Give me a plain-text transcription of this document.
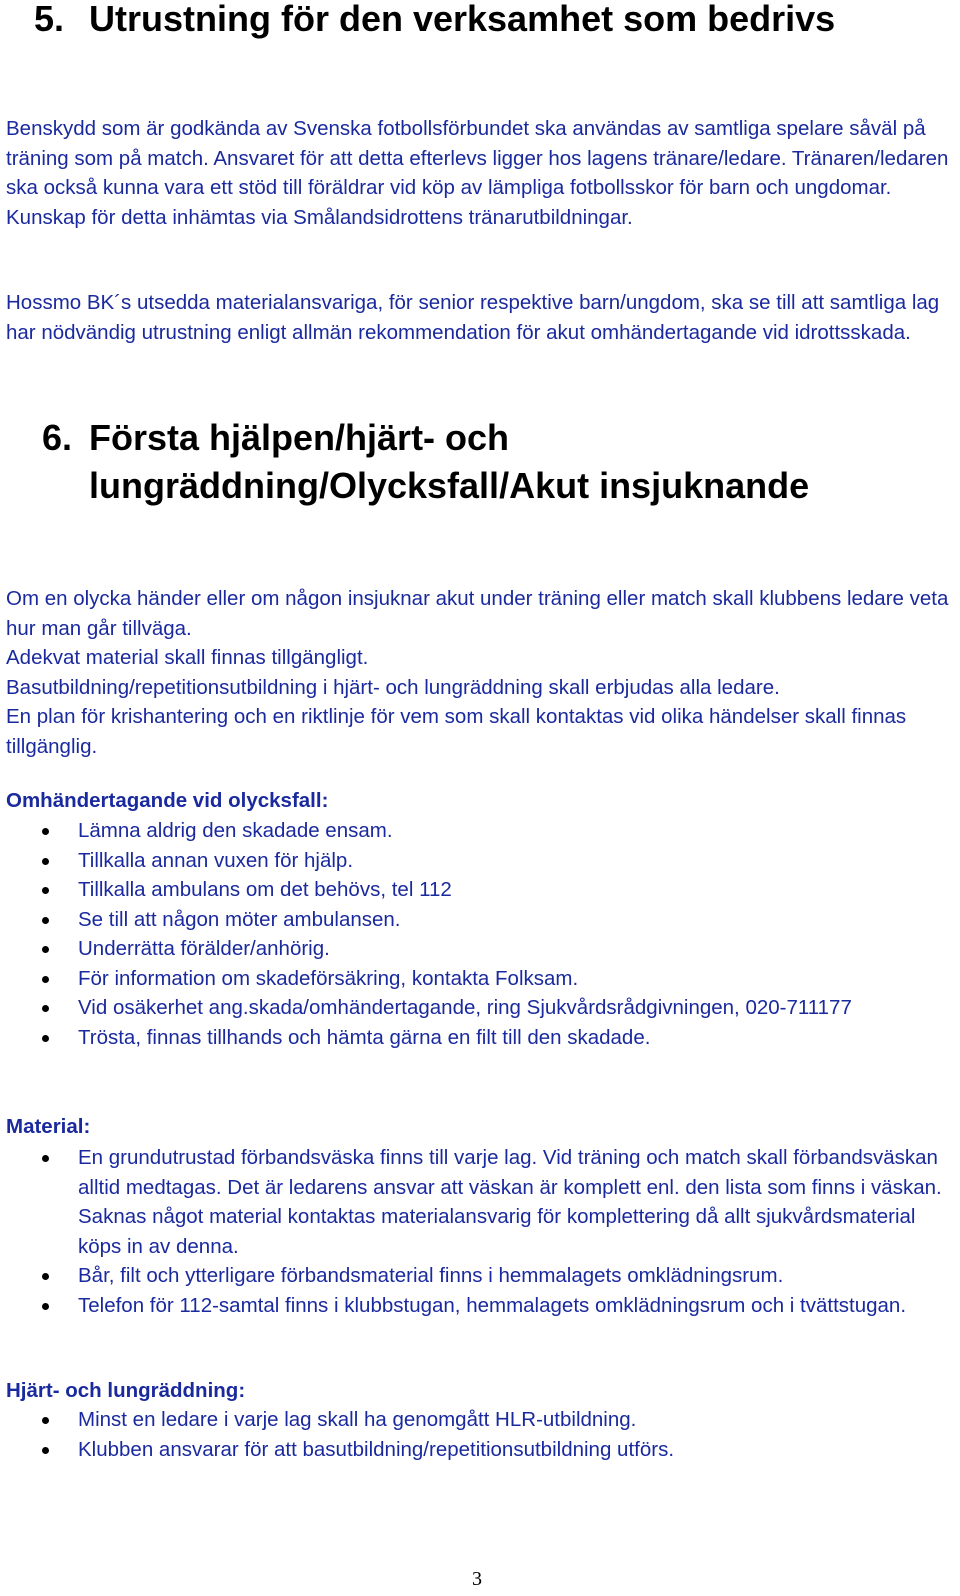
5. Utrustning för den verksamhet som bedrivs

Benskydd som är godkända av Svenska fotbollsförbundet ska användas av samtliga spelare såväl på träning som på match. Ansvaret för att detta efterlevs ligger hos lagens tränare/ledare. Tränaren/ledaren ska också kunna vara ett stöd till föräldrar vid köp av lämpliga fotbollsskor för barn och ungdomar. Kunskap för detta inhämtas via Smålandsidrottens tränarutbildningar.

Hossmo BK´s utsedda materialansvariga, för senior respektive barn/ungdom, ska se till att samtliga lag har nödvändig utrustning enligt allmän rekommendation för akut omhändertagande vid idrottsskada.

6. Första hjälpen/hjärt- och lungräddning/Olycksfall/Akut insjuknande

Om en olycka händer eller om någon insjuknar akut under träning eller match skall klubbens ledare veta hur man går tillväga.

Adekvat material skall finnas tillgängligt.

Basutbildning/repetitionsutbildning i hjärt- och lungräddning skall erbjudas alla ledare.

En plan för krishantering och en riktlinje för vem som skall kontaktas vid olika händelser skall finnas tillgänglig.

Omhändertagande vid olycksfall:

Lämna aldrig den skadade ensam.
Tillkalla annan vuxen för hjälp.
Tillkalla ambulans om det behövs, tel 112
Se till att någon möter ambulansen.
Underrätta förälder/anhörig.
För information om skadeförsäkring, kontakta Folksam.
Vid osäkerhet ang.skada/omhändertagande, ring Sjukvårdsrådgivningen, 020-711177
Trösta, finnas tillhands och hämta gärna en filt till den skadade.

Material:

En grundutrustad förbandsväska finns till varje lag. Vid träning och match skall förbandsväskan alltid medtagas. Det är ledarens ansvar att väskan är komplett enl. den lista som finns i väskan. Saknas något material kontaktas materialansvarig för komplettering då allt sjukvårdsmaterial köps in av denna.
Bår, filt och ytterligare förbandsmaterial finns i hemmalagets omklädningsrum.
Telefon för 112-samtal finns i klubbstugan, hemmalagets omklädningsrum och i tvättstugan.

Hjärt- och lungräddning:

Minst en ledare i varje lag skall ha genomgått HLR-utbildning.
Klubben ansvarar för att basutbildning/repetitionsutbildning utförs.
3
